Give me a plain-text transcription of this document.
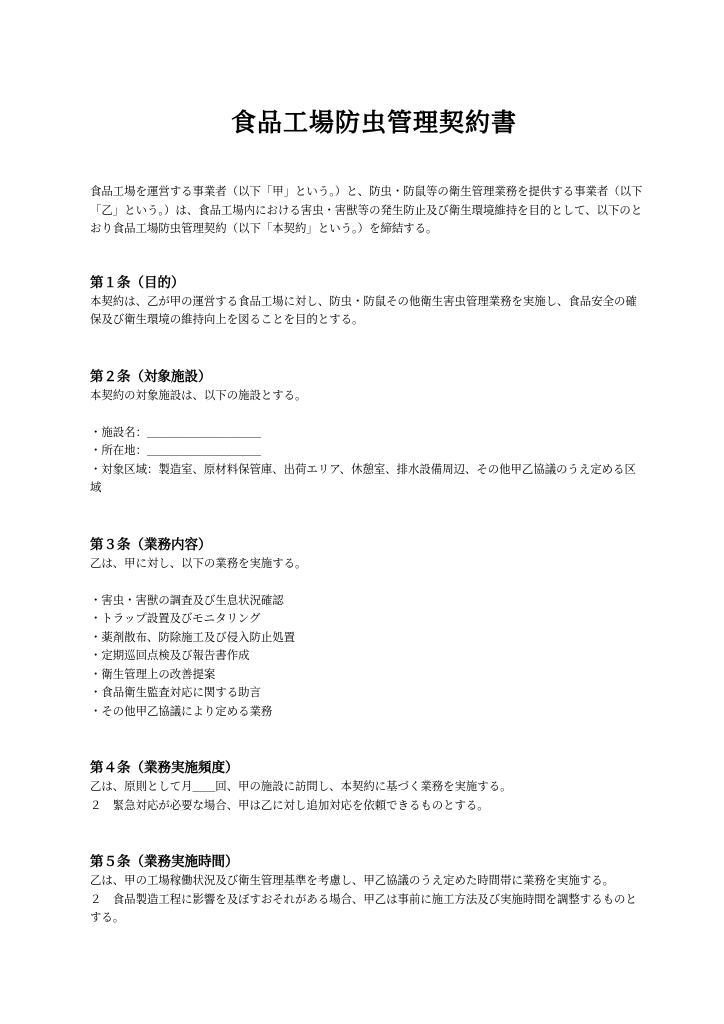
食品工場防虫管理契約書
食品工場を運営する事業者（以下「甲」という。）と、防虫・防鼠等の衛生管理業務を提供する事業者（以下「乙」という。）は、食品工場内における害虫・害獣等の発生防止及び衛生環境維持を目的として、以下のとおり食品工場防虫管理契約（以下「本契約」という。）を締結する。
第１条（目的）
本契約は、乙が甲の運営する食品工場に対し、防虫・防鼠その他衛生害虫管理業務を実施し、食品安全の確保及び衛生環境の維持向上を図ることを目的とする。
第２条（対象施設）
本契約の対象施設は、以下の施設とする。
・施設名：＿＿＿＿＿＿＿＿＿＿
・所在地：＿＿＿＿＿＿＿＿＿＿
・対象区域：製造室、原材料保管庫、出荷エリア、休憩室、排水設備周辺、その他甲乙協議のうえ定める区域
第３条（業務内容）
乙は、甲に対し、以下の業務を実施する。
・害虫・害獣の調査及び生息状況確認
・トラップ設置及びモニタリング
・薬剤散布、防除施工及び侵入防止処置
・定期巡回点検及び報告書作成
・衛生管理上の改善提案
・食品衛生監査対応に関する助言
・その他甲乙協議により定める業務
第４条（業務実施頻度）

乙は、原則として月＿＿回、甲の施設に訪問し、本契約に基づく業務を実施する。

２　緊急対応が必要な場合、甲は乙に対し追加対応を依頼できるものとする。

第５条（業務実施時間）

乙は、甲の工場稼働状況及び衛生管理基準を考慮し、甲乙協議のうえ定めた時間帯に業務を実施する。

２　食品製造工程に影響を及ぼすおそれがある場合、甲乙は事前に施工方法及び実施時間を調整するものとする。
